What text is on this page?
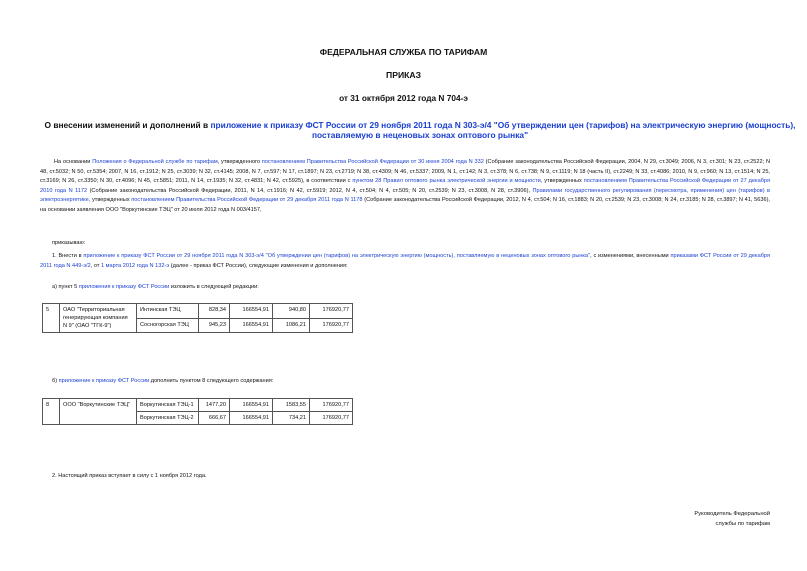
ФЕДЕРАЛЬНАЯ СЛУЖБА ПО ТАРИФАМ
ПРИКАЗ
от 31 октября 2012 года N 704-э
О внесении изменений и дополнений в приложение к приказу ФСТ России от 29 ноября 2011 года N 303-э/4 "Об утверждении цен (тарифов) на электрическую энергию (мощность), поставляемую в неценовых зонах оптового рынка"
На основании Положения о Федеральной службе по тарифам, утвержденного постановлением Правительства Российской Федерации от 30 июня 2004 года N 332 (Собрание законодательства Российской Федерации, 2004, N 29, ст.3049; 2006, N 3, ст.301; N 23, ст.2522; N 48, ст.5032; N 50, ст.5354; 2007, N 16, ст.1912; N 25, ст.3039; N 32, ст.4145; 2008, N 7, ст.597; N 17, ст.1897; N 23, ст.2719; N 38, ст.4309; N 46, ст.5337; 2009, N 1, ст.142; N 3, ст.378; N 6, ст.738; N 9, ст.1119; N 18 (часть II), ст.2249; N 33, ст.4086; 2010, N 9, ст.960; N 13, ст.1514; N 25, ст.3169; N 26, ст.3350; N 30, ст.4096; N 45, ст.5851; 2011, N 14, ст.1935; N 32, ст.4831; N 42, ст.5925), в соответствии с пунктом 28 Правил оптового рынка электрической энергии и мощности, утвержденных постановлением Правительства Российской Федерации от 27 декабря 2010 года N 1172 (Собрание законодательства Российской Федерации, 2011, N 14, ст.1916; N 42, ст.5919; 2012, N 4, ст.504; N 4, ст.505; N 20, ст.2539; N 23, ст.3008, N 28, ст.3906), Правилами государственного регулирования (пересмотра, применения) цен (тарифов) в электроэнергетике, утвержденных постановлением Правительства Российской Федерации от 29 декабря 2011 года N 1178 (Собрание законодательства Российской Федерации, 2012, N 4, ст.504; N 16, ст.1883; N 20, ст.2539; N 23, ст.3008; N 24, ст.3185; N 28, ст.3897; N 41, 5636), на основании заявления ООО "Воркутинские ТЭЦ" от 20 июля 2012 года N 003/4157,
приказываю:
1. Внести в приложение к приказу ФСТ России от 29 ноября 2011 года N 303-э/4 "Об утверждении цен (тарифов) на электрическую энергию (мощность), поставляемую в неценовых зонах оптового рынка", с изменениями, внесенными приказами ФСТ России от 29 декабря 2011 года N 449-э/2, от 1 марта 2012 года N 132-э (далее - приказ ФСТ России), следующие изменения и дополнения:
а) пункт 5 приложения к приказу ФСТ России изложить в следующей редакции:
5	ОАО "Территориальная генерирующая компания N 9" (ОАО "ТГК-9")	Интинская ТЭЦ	828,34	166554,91	940,80	176920,77
		Сосногорская ТЭЦ	945,23	166554,91	1086,21	176920,77
б) приложение к приказу ФСТ России дополнить пунктом 8 следующего содержания:
8	ООО "Воркутинские ТЭЦ"	Воркутинская ТЭЦ-1	1477,20	166554,91	1583,55	176920,77
		Воркутинская ТЭЦ-2	666,67	166554,91	734,21	176920,77
2. Настоящий приказ вступает в силу с 1 ноября 2012 года.
Руководитель Федеральной
службы по тарифам
